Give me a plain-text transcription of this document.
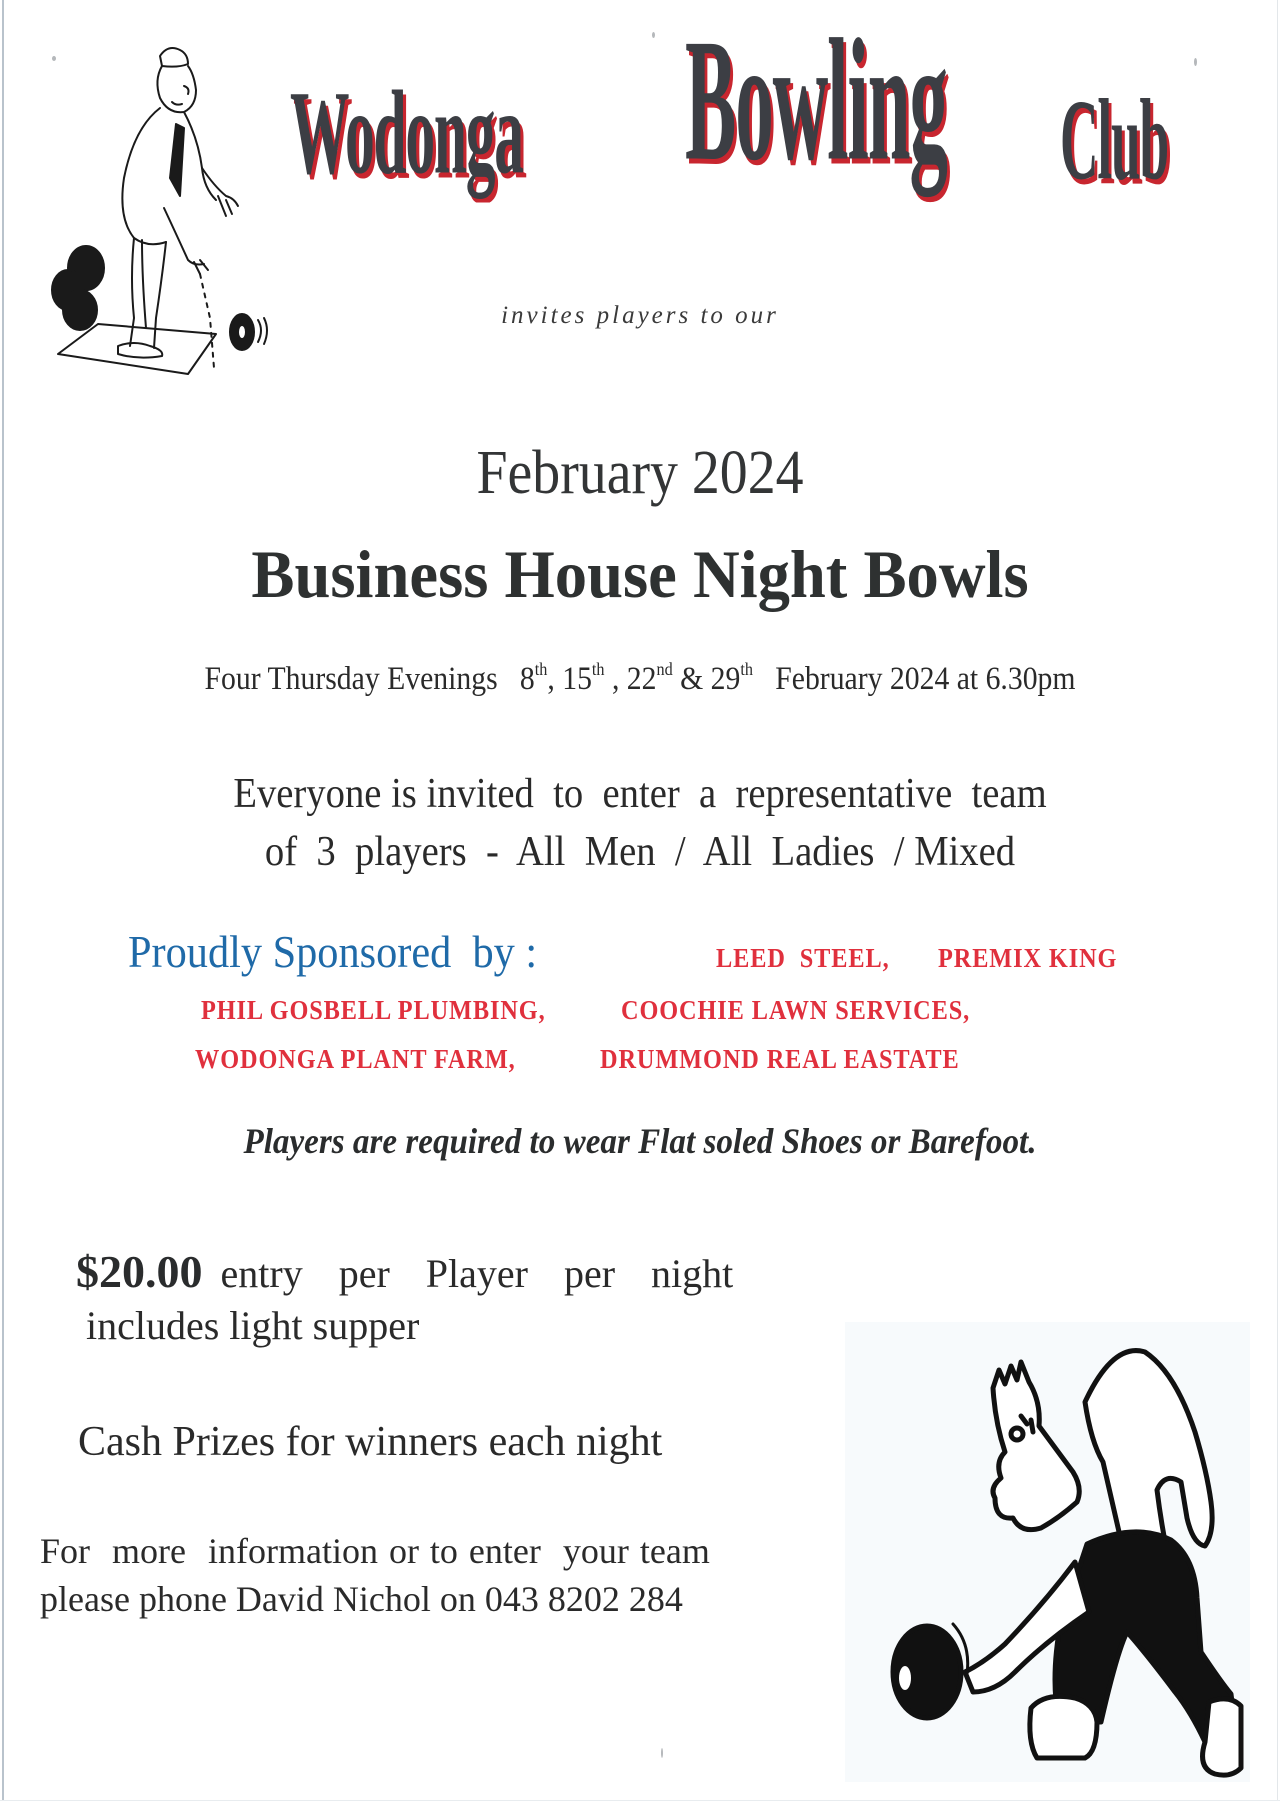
Wodonga Bowling Club
invites players to our
February 2024
Business House Night Bowls
Four Thursday Evenings 8th, 15th , 22nd & 29th February 2024 at 6.30pm
Everyone is invited  to  enter  a  representative  team
of  3  players  -  All  Men  /  All  Ladies  / Mixed
Proudly Sponsored  by :	LEED  STEEL, PREMIX KING
PHIL GOSBELL PLUMBING,	COOCHIE LAWN SERVICES,
WODONGA PLANT FARM,	DRUMMOND REAL EASTATE
Players are required to wear Flat soled Shoes or Barefoot.
$20.00 entry  per  Player  per  night
includes light supper
Cash Prizes for winners each night
For  more  information or to enter  your team
please phone David Nichol on 043 8202 284
